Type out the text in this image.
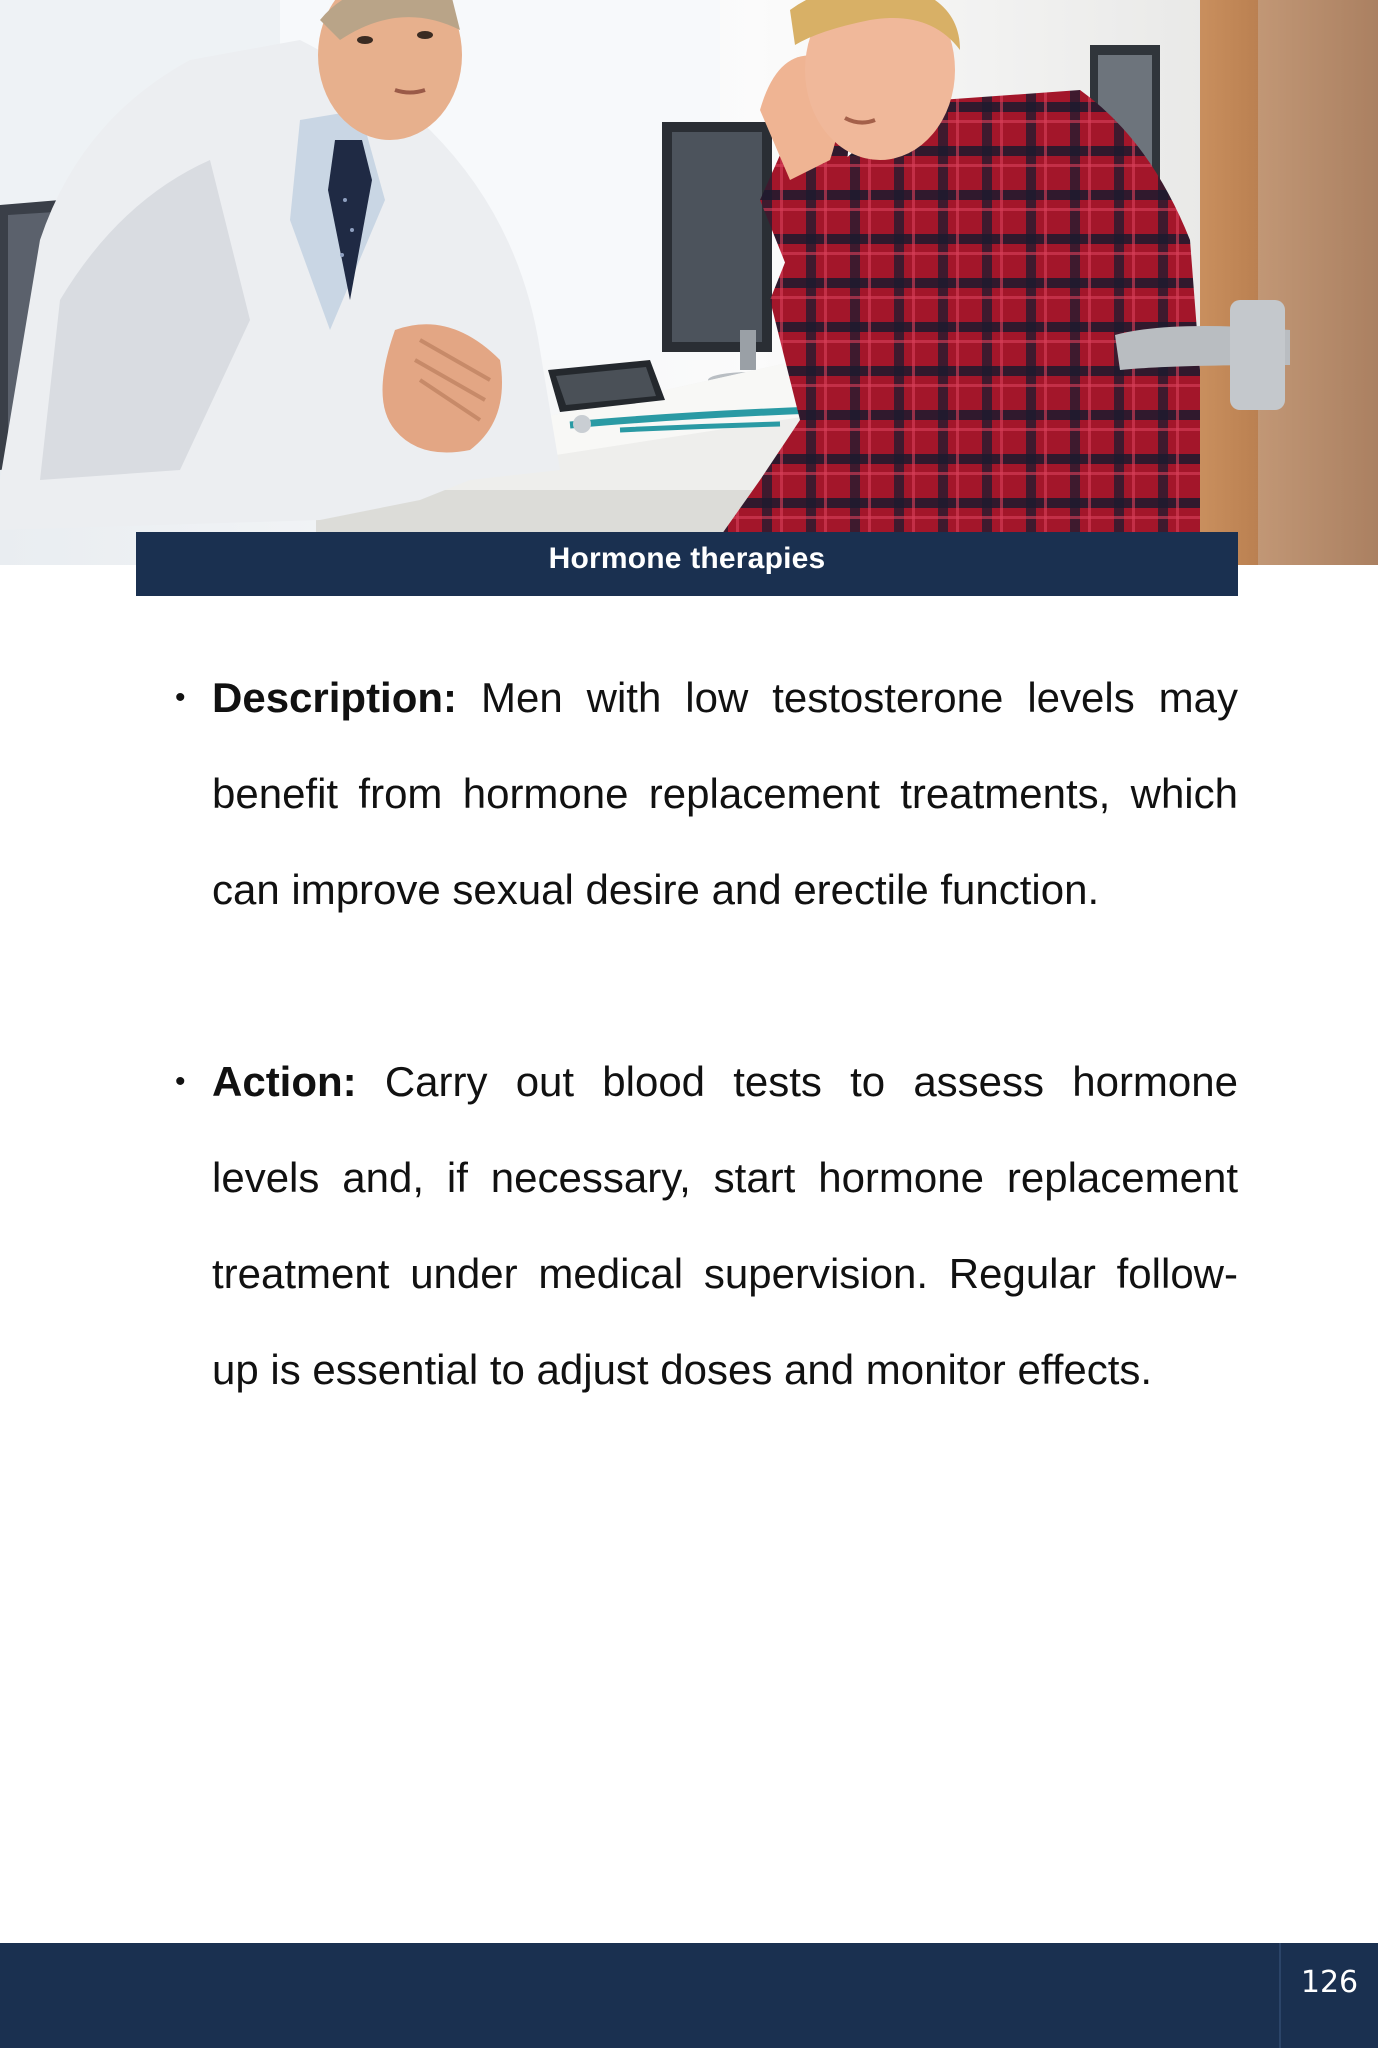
Hormone therapies

• Description: Men with low testosterone levels may benefit from hormone replacement treatments, which can improve sexual desire and erectile function.

• Action: Carry out blood tests to assess hormone levels and, if necessary, start hormone replacement treatment under medical supervision. Regular follow-up is essential to adjust doses and monitor effects.

126
